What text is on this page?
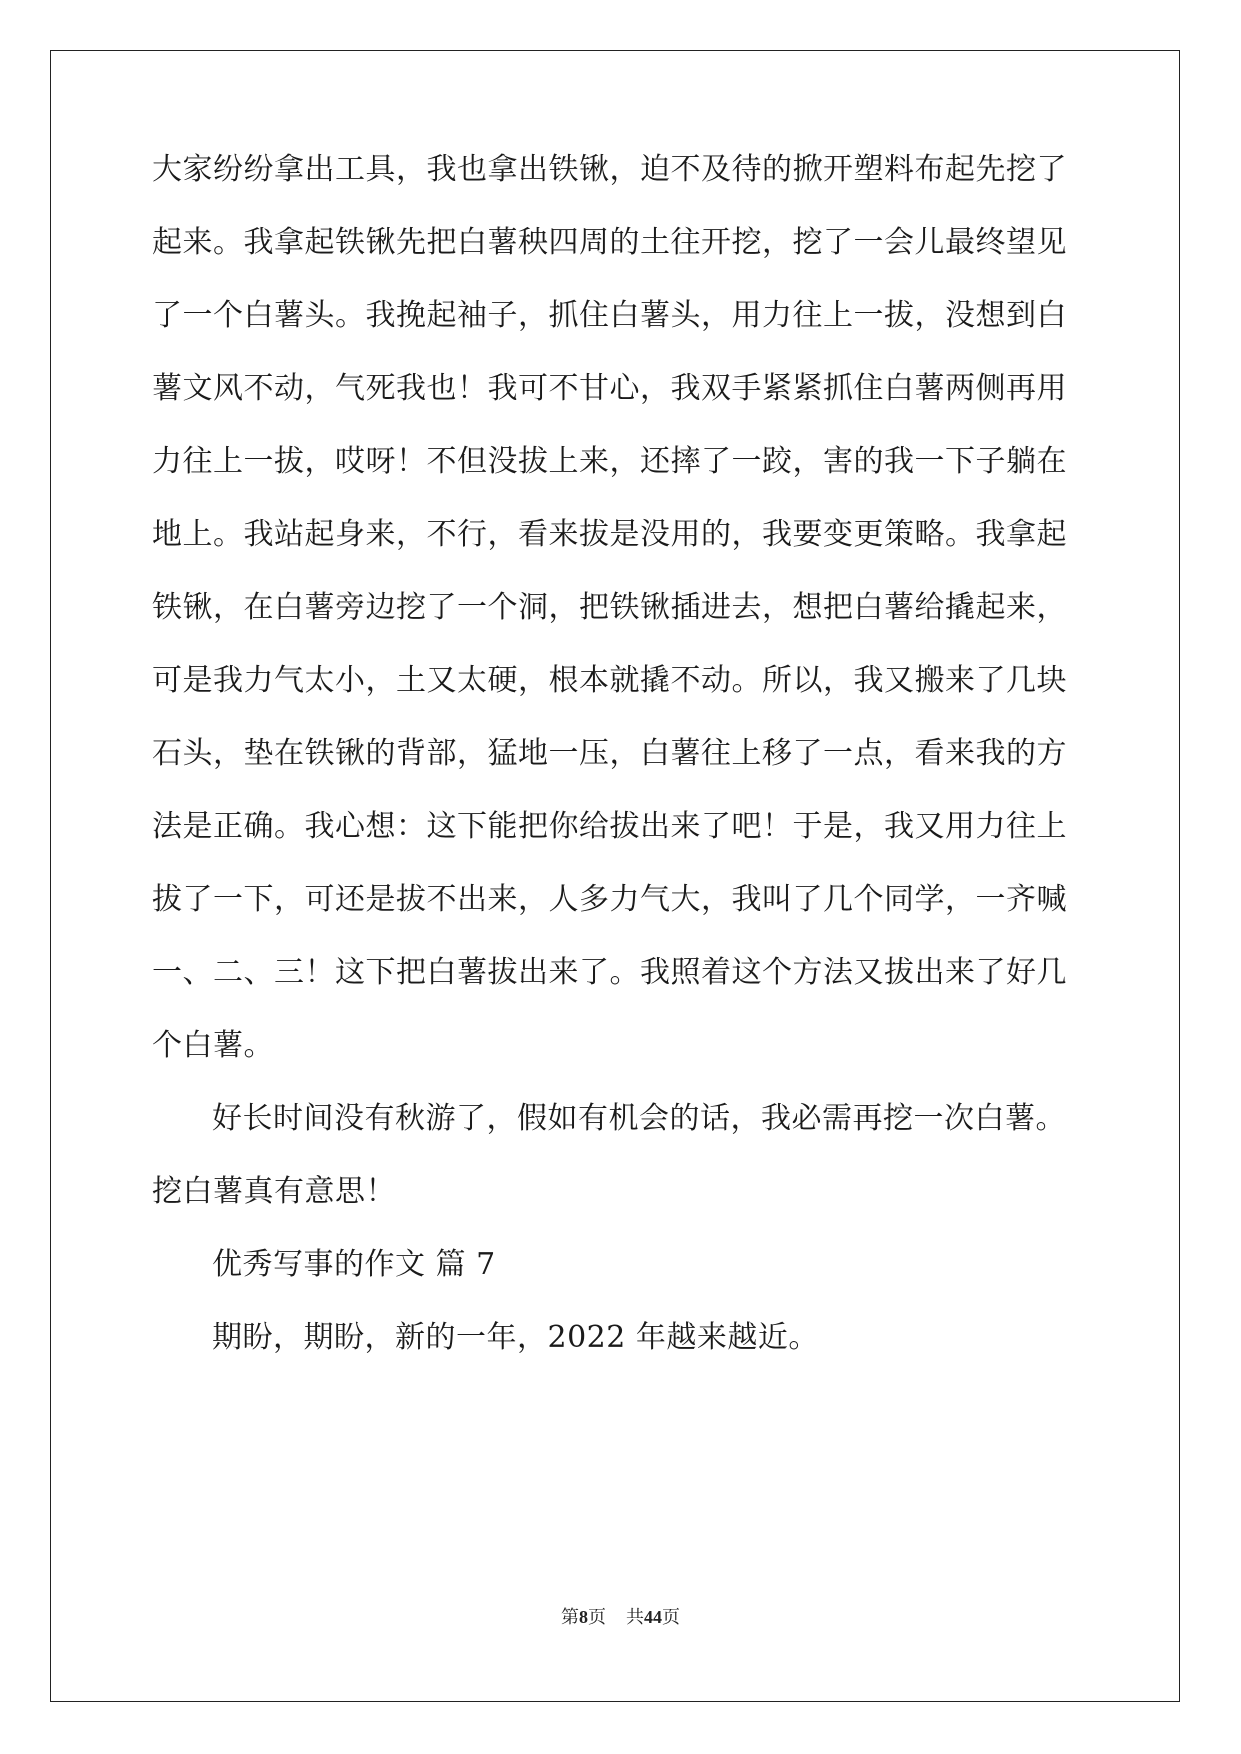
大家纷纷拿出工具，我也拿出铁锹，迫不及待的掀开塑料布起先挖了

起来。我拿起铁锹先把白薯秧四周的土往开挖，挖了一会儿最终望见

了一个白薯头。我挽起袖子，抓住白薯头，用力往上一拔，没想到白

薯文风不动，气死我也！我可不甘心，我双手紧紧抓住白薯两侧再用

力往上一拔，哎呀！不但没拔上来，还摔了一跤，害的我一下子躺在

地上。我站起身来，不行，看来拔是没用的，我要变更策略。我拿起

铁锹，在白薯旁边挖了一个洞，把铁锹插进去，想把白薯给撬起来，

可是我力气太小，土又太硬，根本就撬不动。所以，我又搬来了几块

石头，垫在铁锹的背部，猛地一压，白薯往上移了一点，看来我的方

法是正确。我心想：这下能把你给拔出来了吧！于是，我又用力往上

拔了一下，可还是拔不出来，人多力气大，我叫了几个同学，一齐喊

一、二、三！这下把白薯拔出来了。我照着这个方法又拔出来了好几

个白薯。

好长时间没有秋游了，假如有机会的话，我必需再挖一次白薯。

挖白薯真有意思！

优秀写事的作文 篇 7

期盼，期盼，新的一年，2022 年越来越近。

第8页 共44页
